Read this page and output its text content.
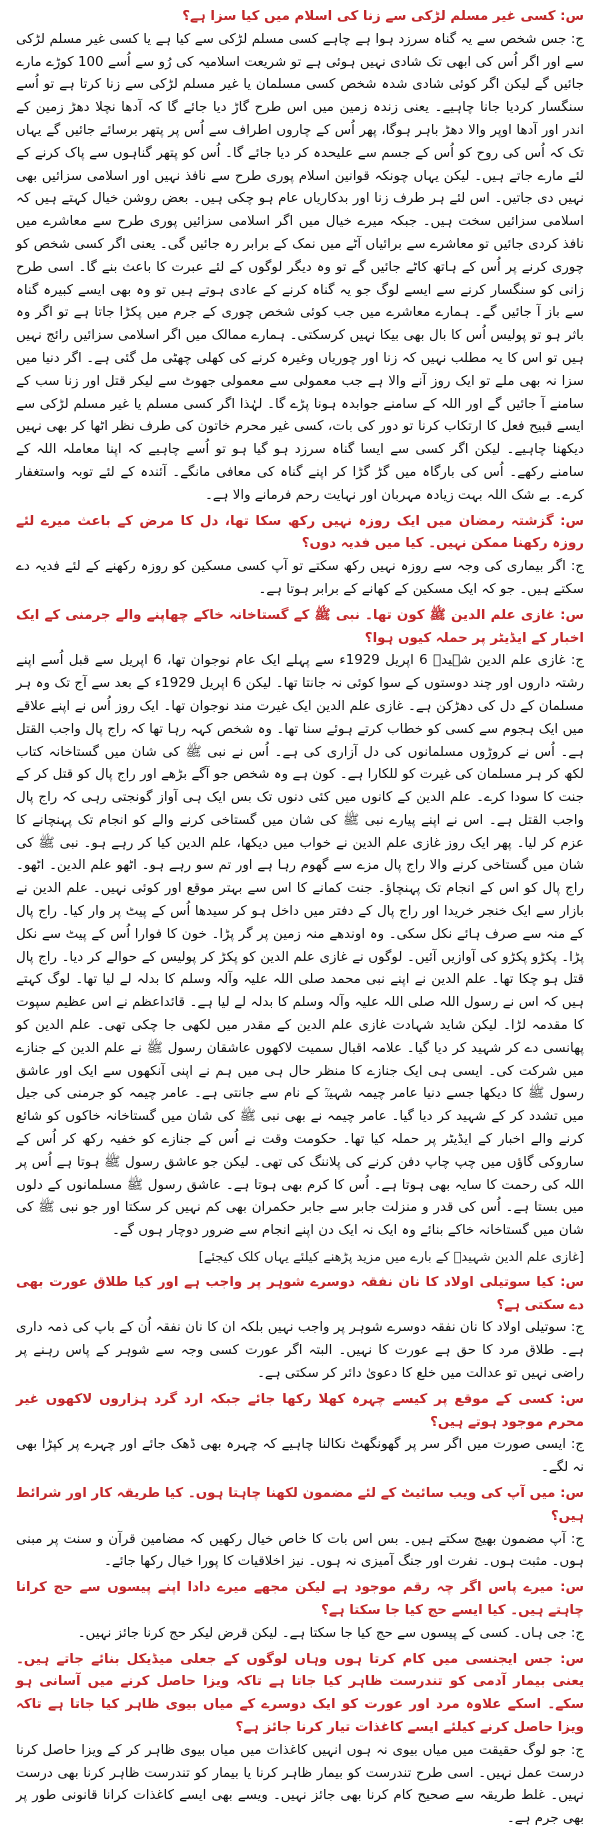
س: کسی غیر مسلم لڑکی سے زنا کی اسلام میں کیا سزا ہے؟

ج: جس شخص سے یہ گناہ سرزد ہوا ہے چاہے کسی مسلم لڑکی سے کیا ہے یا کسی غیر مسلم لڑکی سے اور اگر اُس کی ابھی تک شادی نہیں ہوئی ہے تو شریعت اسلامیہ کی رُو سے اُسے 100 کوڑے مارے جائیں گے لیکن اگر کوئی شادی شدہ شخص کسی مسلمان یا غیر مسلم لڑکی سے زنا کرتا ہے تو اُسے سنگسار کردیا جانا چاہیے۔ یعنی زندہ زمین میں اس طرح گاڑ دیا جائے گا کہ آدھا نچلا دھڑ زمین کے اندر اور آدھا اوپر والا دھڑ باہر ہوگا، پھر اُس کے چاروں اطراف سے اُس پر پتھر برسائے جائیں گے یہاں تک کہ اُس کی روح کو اُس کے جسم سے علیحدہ کر دیا جائے گا۔ اُس کو پتھر گناہوں سے پاک کرنے کے لئے مارے جاتے ہیں۔ لیکن یہاں چونکہ قوانین اسلام پوری طرح سے نافذ نہیں اور اسلامی سزائیں بھی نہیں دی جاتیں۔ اس لئے ہر طرف زنا اور بدکاریاں عام ہو چکی ہیں۔ بعض روشن خیال کہتے ہیں کہ اسلامی سزائیں سخت ہیں۔ جبکہ میرے خیال میں اگر اسلامی سزائیں پوری طرح سے معاشرے میں نافذ کردی جائیں تو معاشرے سے برائیاں آٹے میں نمک کے برابر رہ جائیں گی۔ یعنی اگر کسی شخص کو چوری کرنے پر اُس کے ہاتھ کاٹے جائیں گے تو وہ دیگر لوگوں کے لئے عبرت کا باعث بنے گا۔ اسی طرح زانی کو سنگسار کرنے سے ایسے لوگ جو یہ گناہ کرنے کے عادی ہوتے ہیں تو وہ بھی ایسے کبیرہ گناہ سے باز آ جائیں گے۔ ہمارے معاشرے میں جب کوئی شخص چوری کے جرم میں پکڑا جاتا ہے تو اگر وہ باثر ہو تو پولیس اُس کا بال بھی بیکا نہیں کرسکتی۔ ہمارے ممالک میں اگر اسلامی سزائیں رائج نہیں ہیں تو اس کا یہ مطلب نہیں کہ زنا اور چوریاں وغیرہ کرنے کی کھلی چھٹی مل گئی ہے۔ اگر دنیا میں سزا نہ بھی ملے تو ایک روز آنے والا ہے جب معمولی سے معمولی جھوٹ سے لیکر قتل اور زنا سب کے سامنے آ جائیں گے اور اللہ کے سامنے جوابدہ ہونا پڑے گا۔ لہٰذا اگر کسی مسلم یا غیر مسلم لڑکی سے ایسے قبیح فعل کا ارتکاب کرنا تو دور کی بات، کسی غیر محرم خاتون کی طرف نظر اٹھا کر بھی نہیں دیکھنا چاہیے۔ لیکن اگر کسی سے ایسا گناہ سرزد ہو گیا ہو تو اُسے چاہیے کہ اپنا معاملہ اللہ کے سامنے رکھے۔ اُس کی بارگاہ میں گڑ گڑا کر اپنے گناہ کی معافی مانگے۔ آئندہ کے لئے توبہ واستغفار کرے۔ بے شک اللہ بہت زیادہ مہربان اور نہایت رحم فرمانے والا ہے۔

س: گزشتہ رمضان میں ایک روزہ نہیں رکھ سکا تھا، دل کا مرض کے باعث میرے لئے روزہ رکھنا ممکن نہیں۔ کیا میں فدیہ دوں؟

ج: اگر بیماری کی وجہ سے روزہ نہیں رکھ سکتے تو آپ کسی مسکین کو روزہ رکھنے کے لئے فدیہ دے سکتے ہیں۔ جو کہ ایک مسکین کے کھانے کے برابر ہوتا ہے۔

س: غازی علم الدین ﷺ کون تھا۔ نبی ﷺ کے گستاخانہ خاکے چھاپنے والے جرمنی کے ایک اخبار کے ایڈیٹر پر حملہ کیوں ہوا؟

ج: غازی علم الدین شہیدؒ 6 اپریل 1929ء سے پہلے ایک عام نوجوان تھا، 6 اپریل سے قبل اُسے اپنے رشتہ داروں اور چند دوستوں کے سوا کوئی نہ جانتا تھا۔ لیکن 6 اپریل 1929ء کے بعد سے آج تک وہ ہر مسلمان کے دل کی دھڑکن ہے۔ غازی علم الدین ایک غیرت مند نوجوان تھا۔ ایک روز اُس نے اپنے علاقے میں ایک ہجوم سے کسی کو خطاب کرتے ہوئے سنا تھا۔ وہ شخص کہہ رہا تھا کہ راج پال واجب القتل ہے۔ اُس نے کروڑوں مسلمانوں کی دل آزاری کی ہے۔ اُس نے نبی ﷺ کی شان میں گستاخانہ کتاب لکھ کر ہر مسلمان کی غیرت کو للکارا ہے۔ کون ہے وہ شخص جو آگے بڑھے اور راج پال کو قتل کر کے جنت کا سودا کرے۔ علم الدین کے کانوں میں کئی دنوں تک بس ایک ہی آواز گونجتی رہی کہ راج پال واجب القتل ہے۔ اس نے اپنے پیارے نبی ﷺ کی شان میں گستاخی کرنے والے کو انجام تک پہنچانے کا عزم کر لیا۔ پھر ایک روز غازی علم الدین نے خواب میں دیکھا، علم الدین کیا کر رہے ہو۔ نبی ﷺ کی شان میں گستاخی کرنے والا راج پال مزے سے گھوم رہا ہے اور تم سو رہے ہو۔ اٹھو علم الدین۔ اٹھو۔ راج پال کو اس کے انجام تک پہنچاؤ۔ جنت کمانے کا اس سے بہتر موقع اور کوئی نہیں۔ علم الدین نے بازار سے ایک خنجر خریدا اور راج پال کے دفتر میں داخل ہو کر سیدھا اُس کے پیٹ پر وار کیا۔ راج پال کے منہ سے صرف ہائے نکل سکی۔ وہ اوندھے منہ زمین پر گر پڑا۔ خون کا فوارا اُس کے پیٹ سے نکل پڑا۔ پکڑو پکڑو کی آوازیں آئیں۔ لوگوں نے غازی علم الدین کو پکڑ کر پولیس کے حوالے کر دیا۔ راج پال قتل ہو چکا تھا۔ علم الدین نے اپنے نبی محمد صلی اللہ علیہ وآلہ وسلم کا بدلہ لے لیا تھا۔ لوگ کہتے ہیں کہ اس نے رسول اللہ صلی اللہ علیہ وآلہ وسلم کا بدلہ لے لیا ہے۔ قائداعظم نے اس عظیم سپوت کا مقدمہ لڑا۔ لیکن شاید شہادت غازی علم الدین کے مقدر میں لکھی جا چکی تھی۔ علم الدین کو پھانسی دے کر شہید کر دیا گیا۔ علامہ اقبال سمیت لاکھوں عاشقان رسول ﷺ نے علم الدین کے جنازے میں شرکت کی۔ ایسی ہی ایک جنازے کا منظر حال ہی میں ہم نے اپنی آنکھوں سے ایک اور عاشق رسول ﷺ کا دیکھا جسے دنیا عامر چیمہ شہیدؒ کے نام سے جانتی ہے۔ عامر چیمہ کو جرمنی کی جیل میں تشدد کر کے شہید کر دیا گیا۔ عامر چیمہ نے بھی نبی ﷺ کی شان میں گستاخانہ خاکوں کو شائع کرنے والے اخبار کے ایڈیٹر پر حملہ کیا تھا۔ حکومت وقت نے اُس کے جنازے کو خفیہ رکھ کر اُس کے ساروکی گاؤں میں چپ چاپ دفن کرنے کی پلاننگ کی تھی۔ لیکن جو عاشق رسول ﷺ ہوتا ہے اُس پر اللہ کی رحمت کا سایہ بھی ہوتا ہے۔ اُس کا کرم بھی ہوتا ہے۔ عاشق رسول ﷺ مسلمانوں کے دلوں میں بستا ہے۔ اُس کی قدر و منزلت جابر سے جابر حکمران بھی کم نہیں کر سکتا اور جو نبی ﷺ کی شان میں گستاخانہ خاکے بنائے وہ ایک نہ ایک دن اپنے انجام سے ضرور دوچار ہوں گے۔

[غازی علم الدین شہیدؒ کے بارے میں مزید پڑھنے کیلئے یہاں کلک کیجئے]

س: کیا سوتیلی اولاد کا نان نفقہ دوسرے شوہر پر واجب ہے اور کیا طلاق عورت بھی دے سکتی ہے؟

ج: سوتیلی اولاد کا نان نفقہ دوسرے شوہر پر واجب نہیں بلکہ ان کا نان نفقہ اُن کے باپ کی ذمہ داری ہے۔ طلاق مرد کا حق ہے عورت کا نہیں۔ البتہ اگر عورت کسی وجہ سے شوہر کے پاس رہنے پر راضی نہیں تو عدالت میں خلع کا دعویٰ دائر کر سکتی ہے۔

س: کسی کے موقع پر کیسے چہرہ کھلا رکھا جائے جبکہ ارد گرد ہزاروں لاکھوں غیر محرم موجود ہوتے ہیں؟

ج: ایسی صورت میں اگر سر پر گھونگھٹ نکالنا چاہیے کہ چہرہ بھی ڈھک جائے اور چہرے پر کپڑا بھی نہ لگے۔

س: میں آپ کی ویب سائیٹ کے لئے مضمون لکھنا چاہتا ہوں۔ کیا طریقہ کار اور شرائط ہیں؟

ج: آپ مضمون بھیج سکتے ہیں۔ بس اس بات کا خاص خیال رکھیں کہ مضامین قرآن و سنت پر مبنی ہوں۔ مثبت ہوں۔ نفرت اور جنگ آمیزی نہ ہوں۔ نیز اخلاقیات کا پورا خیال رکھا جائے۔

س: میرے پاس اگر چہ رقم موجود ہے لیکن مجھے میرے دادا اپنے پیسوں سے حج کرانا چاہتے ہیں۔ کیا ایسے حج کیا جا سکتا ہے؟

ج: جی ہاں۔ کسی کے پیسوں سے حج کیا جا سکتا ہے۔ لیکن قرض لیکر حج کرنا جائز نہیں۔

س: جس ایجنسی میں کام کرتا ہوں وہاں لوگوں کے جعلی میڈیکل بنائے جاتے ہیں۔ یعنی بیمار آدمی کو تندرست ظاہر کیا جاتا ہے تاکہ ویزا حاصل کرنے میں آسانی ہو سکے۔ اسکے علاوہ مرد اور عورت کو ایک دوسرے کے میاں بیوی ظاہر کیا جاتا ہے تاکہ ویزا حاصل کرنے کیلئے ایسے کاغذات تیار کرنا جائز ہے؟

ج: جو لوگ حقیقت میں میاں بیوی نہ ہوں انہیں کاغذات میں میاں بیوی ظاہر کر کے ویزا حاصل کرنا درست عمل نہیں۔ اسی طرح تندرست کو بیمار ظاہر کرنا یا بیمار کو تندرست ظاہر کرنا بھی درست نہیں۔ غلط طریقہ سے صحیح کام کرنا بھی جائز نہیں۔ ویسے بھی ایسے کاغذات کرانا قانونی طور پر بھی جرم ہے۔
